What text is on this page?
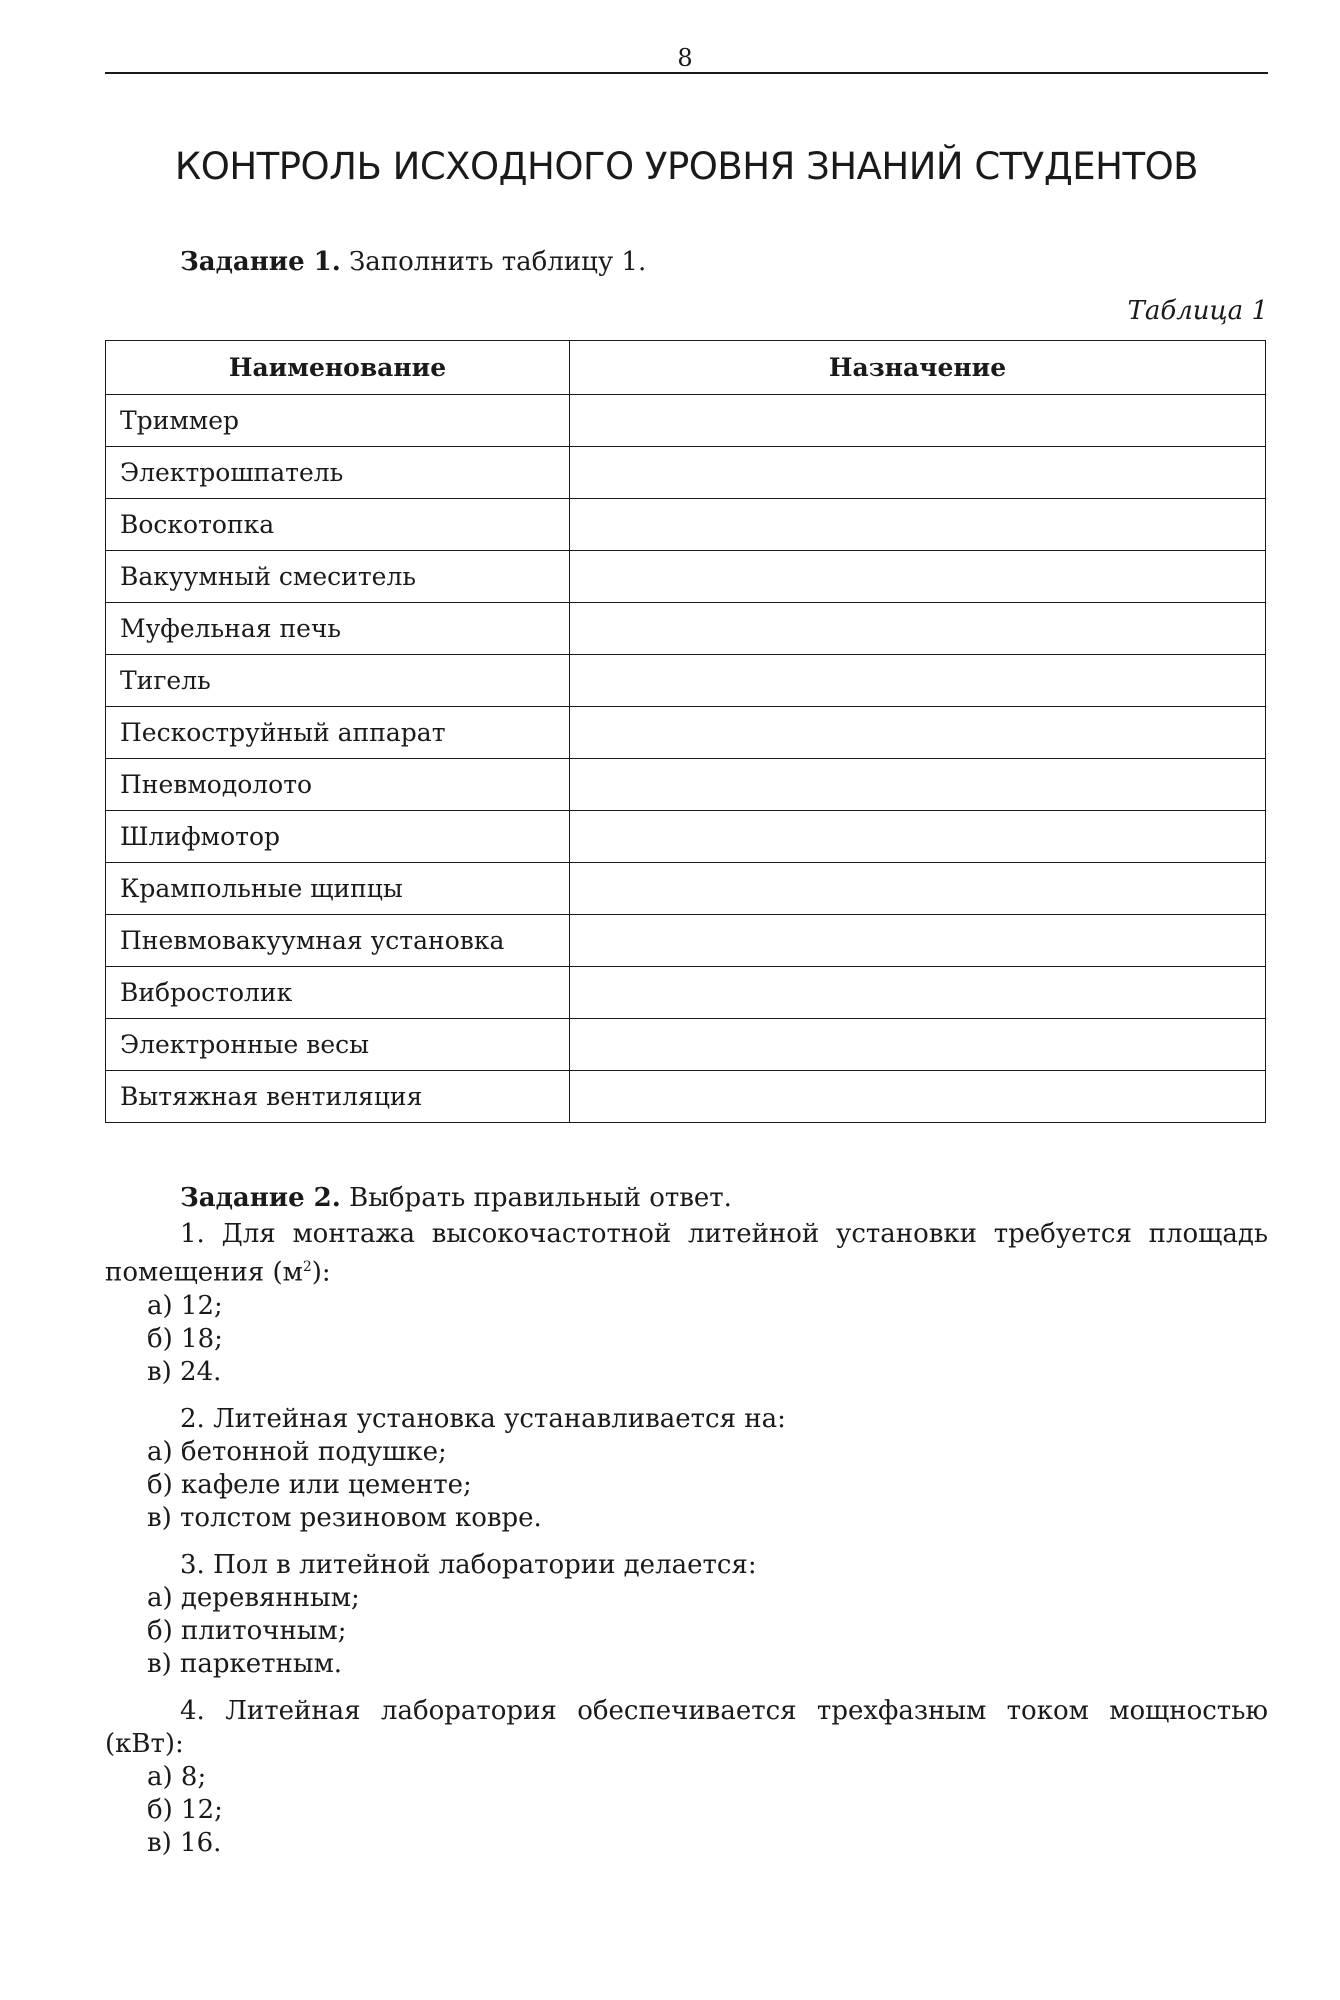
8
КОНТРОЛЬ ИСХОДНОГО УРОВНЯ ЗНАНИЙ СТУДЕНТОВ
Задание 1. Заполнить таблицу 1.
Таблица 1
Наименование	Назначение
Триммер	
Электрошпатель	
Воскотопка	
Вакуумный смеситель	
Муфельная печь	
Тигель	
Пескоструйный аппарат	
Пневмодолото	
Шлифмотор	
Крампольные щипцы	
Пневмовакуумная установка	
Вибростолик	
Электронные весы	
Вытяжная вентиляция	
Задание 2. Выбрать правильный ответ.
1. Для монтажа высокочастотной литейной установки требуется площадь помещения $(м^2)$:
а) 12;
б) 18;
в) 24.
2. Литейная установка устанавливается на:
а) бетонной подушке;
б) кафеле или цементе;
в) толстом резиновом ковре.
3. Пол в литейной лаборатории делается:
а) деревянным;
б) плиточным;
в) паркетным.
4. Литейная лаборатория обеспечивается трехфазным током мощностью (кВт):
а) 8;
б) 12;
в) 16.
